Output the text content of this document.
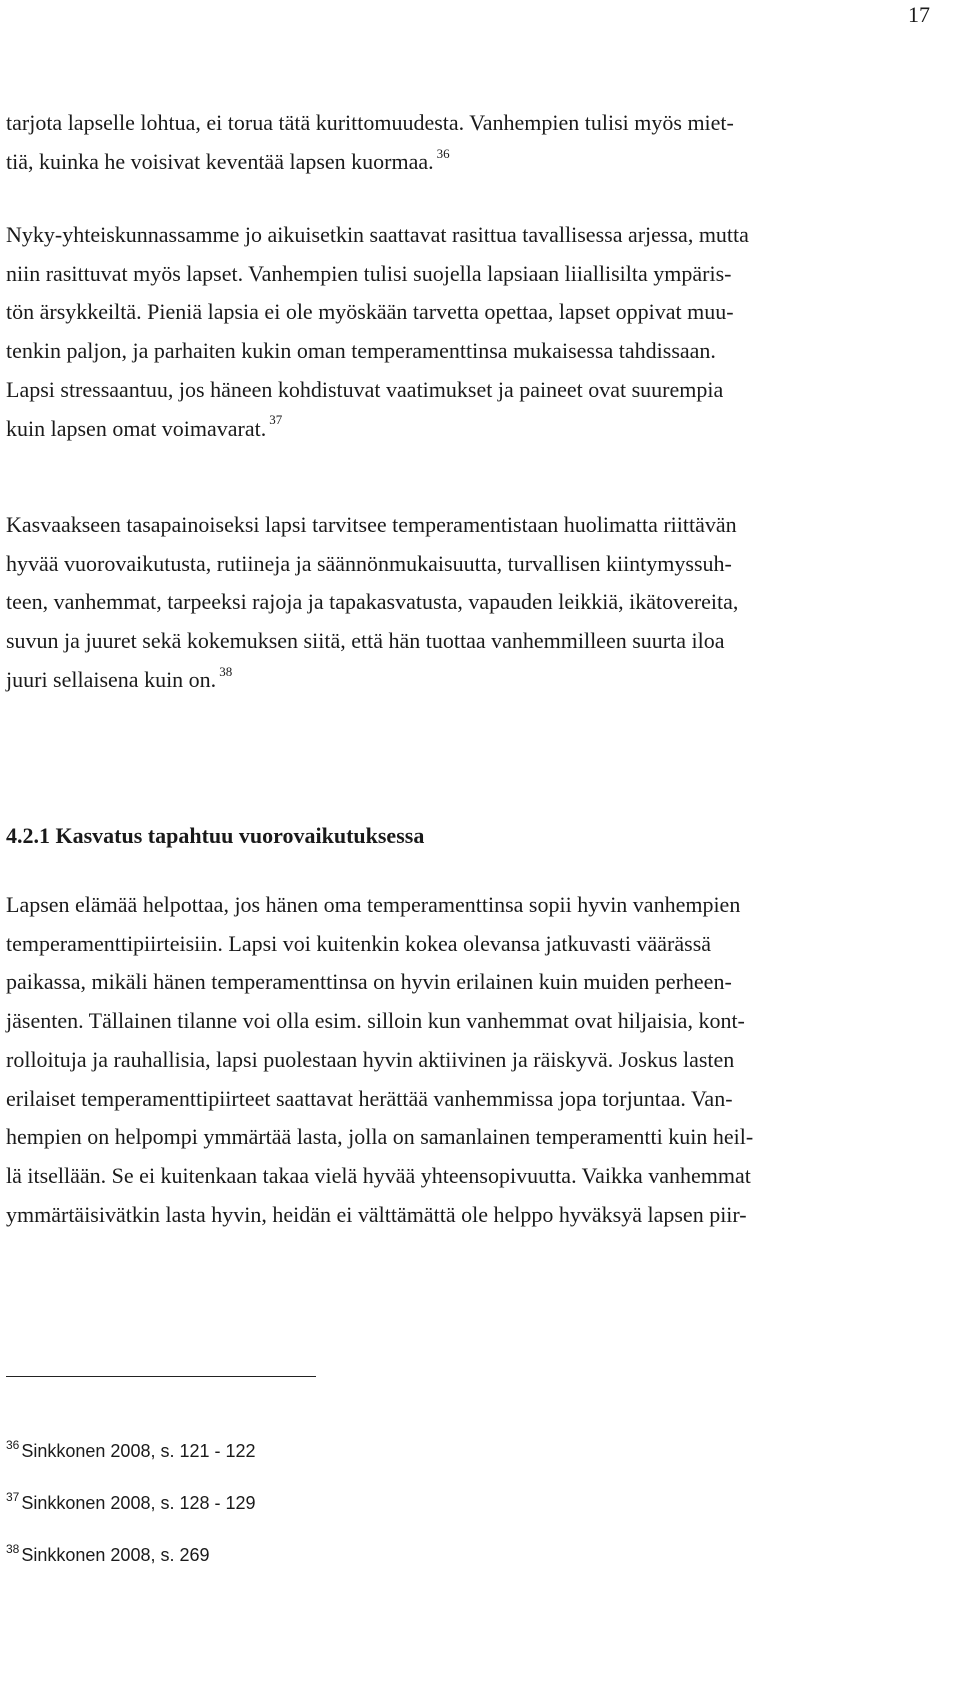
17
tarjota lapselle lohtua, ei torua tätä kurittomuudesta. Vanhempien tulisi myös miet-
tiä, kuinka he voisivat keventää lapsen kuormaa. $^{36}$
Nyky-yhteiskunnassamme jo aikuisetkin saattavat rasittua tavallisessa arjessa, mutta
niin rasittuvat myös lapset. Vanhempien tulisi suojella lapsiaan liiallisilta ympäris-
tön ärsykkeiltä. Pieniä lapsia ei ole myöskään tarvetta opettaa, lapset oppivat muu-
tenkin paljon, ja parhaiten kukin oman temperamenttinsa mukaisessa tahdissaan.
Lapsi stressaantuu, jos häneen kohdistuvat vaatimukset ja paineet ovat suurempia
kuin lapsen omat voimavarat. $^{37}$
Kasvaakseen tasapainoiseksi lapsi tarvitsee temperamentistaan huolimatta riittävän
hyvää vuorovaikutusta, rutiineja ja säännönmukaisuutta, turvallisen kiintymyssuh-
teen, vanhemmat, tarpeeksi rajoja ja tapakasvatusta, vapauden leikkiä, ikätovereita,
suvun ja juuret sekä kokemuksen siitä, että hän tuottaa vanhemmilleen suurta iloa
juuri sellaisena kuin on. $^{38}$
4.2.1 Kasvatus tapahtuu vuorovaikutuksessa
Lapsen elämää helpottaa, jos hänen oma temperamenttinsa sopii hyvin vanhempien
temperamenttipiirteisiin. Lapsi voi kuitenkin kokea olevansa jatkuvasti väärässä
paikassa, mikäli hänen temperamenttinsa on hyvin erilainen kuin muiden perheen-
jäsenten. Tällainen tilanne voi olla esim. silloin kun vanhemmat ovat hiljaisia, kont-
rolloituja ja rauhallisia, lapsi puolestaan hyvin aktiivinen ja räiskyvä. Joskus lasten
erilaiset temperamenttipiirteet saattavat herättää vanhemmissa jopa torjuntaa. Van-
hempien on helpompi ymmärtää lasta, jolla on samanlainen temperamentti kuin heil-
lä itsellään. Se ei kuitenkaan takaa vielä hyvää yhteensopivuutta. Vaikka vanhemmat
ymmärtäisivätkin lasta hyvin, heidän ei välttämättä ole helppo hyväksyä lapsen piir-

$^{36}$ Sinkkonen 2008, s. 121 - 122

$^{37}$ Sinkkonen 2008, s. 128 - 129

$^{38}$ Sinkkonen 2008, s. 269
